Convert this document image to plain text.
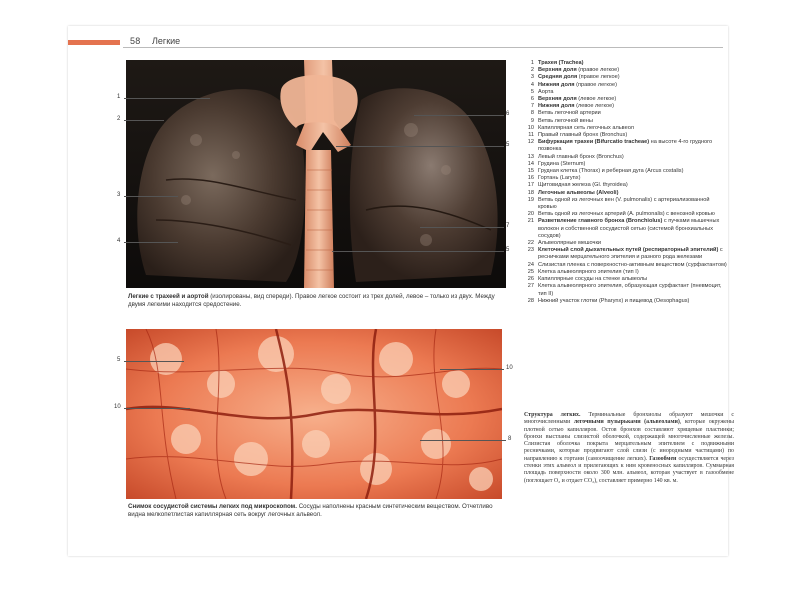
58 Легкие
1
2
3
4
6
5
7
5
Легкие с трахеей и аортой (изолированы, вид спереди). Правое легкое состоит из трех долей, левое – только из двух. Между двумя легкими находится средостение.
5
10
10
8
Снимок сосудистой системы легких под микроскопом. Сосуды наполнены красным синтетическим веществом. Отчетливо видна мелкопетлистая капиллярная сеть вокруг легочных альвеол.
1 Трахея (Trachea)
2 Верхняя доля (правое легкое)
3 Средняя доля (правое легкое)
4 Нижняя доля (правое легкое)
5 Аорта
6 Верхняя доля (левое легкое)
7 Нижняя доля (левое легкое)
8 Ветвь легочной артерии
9 Ветвь легочной вены
10 Капиллярная сеть легочных альвеол
11 Правый главный бронх (Bronchus)
12 Бифуркация трахеи (Bifurcatio tracheae) на высоте 4-го грудного позвонка
13 Левый главный бронх (Bronchus)
14 Грудина (Sternum)
15 Грудная клетка (Thorax) и реберная дуга (Arcus costalis)
16 Гортань (Larynx)
17 Щитовидная железа (Gl. thyroidea)
18 Легочные альвеолы (Alveoli)
19 Ветвь одной из легочных вен (V. pulmonalis) с артериализованной кровью
20 Ветвь одной из легочных артерий (A. pulmonalis) с венозной кровью
21 Разветвление главного бронха (Bronchiolus) с пучками мышечных волокон и собственной сосудистой сетью (системой бронхиальных сосудов)
22 Альвеолярные мешочки
23 Клеточный слой дыхательных путей (респираторный эпителий) с ресничками мерцательного эпителия и разного рода железами
24 Слизистая пленка с поверхностно-активным веществом (сурфактантом)
25 Клетка альвеолярного эпителия (тип I)
26 Капиллярные сосуды на стенке альвеолы
27 Клетка альвеолярного эпителия, образующая сурфактант (пневмоцит, тип II)
28 Нижний участок глотки (Pharynx) и пищевод (Oesophagus)
Структура легких. Терминальные бронхиолы образуют мешочки с многочисленными легочными пузырьками (альвеолами), которые окружены плотной сетью капилляров. Остов бронхов составляют хрящевые пластинки; бронхи выстланы слизистой оболочкой, содержащей многочисленные железы. Слизистая оболочка покрыта мерцательным эпителием с подвижными ресничками, которые продвигают слой слизи (с инородными частицами) по направлению к гортани (самоочищение легких). Газообмен осуществляется через стенки этих альвеол и прилегающих к ним кровеносных капилляров. Суммарная площадь поверхности около 300 млн. альвеол, которая участвует в газообмене (поглощает O₂ и отдает CO₂), составляет примерно 140 кв. м.
